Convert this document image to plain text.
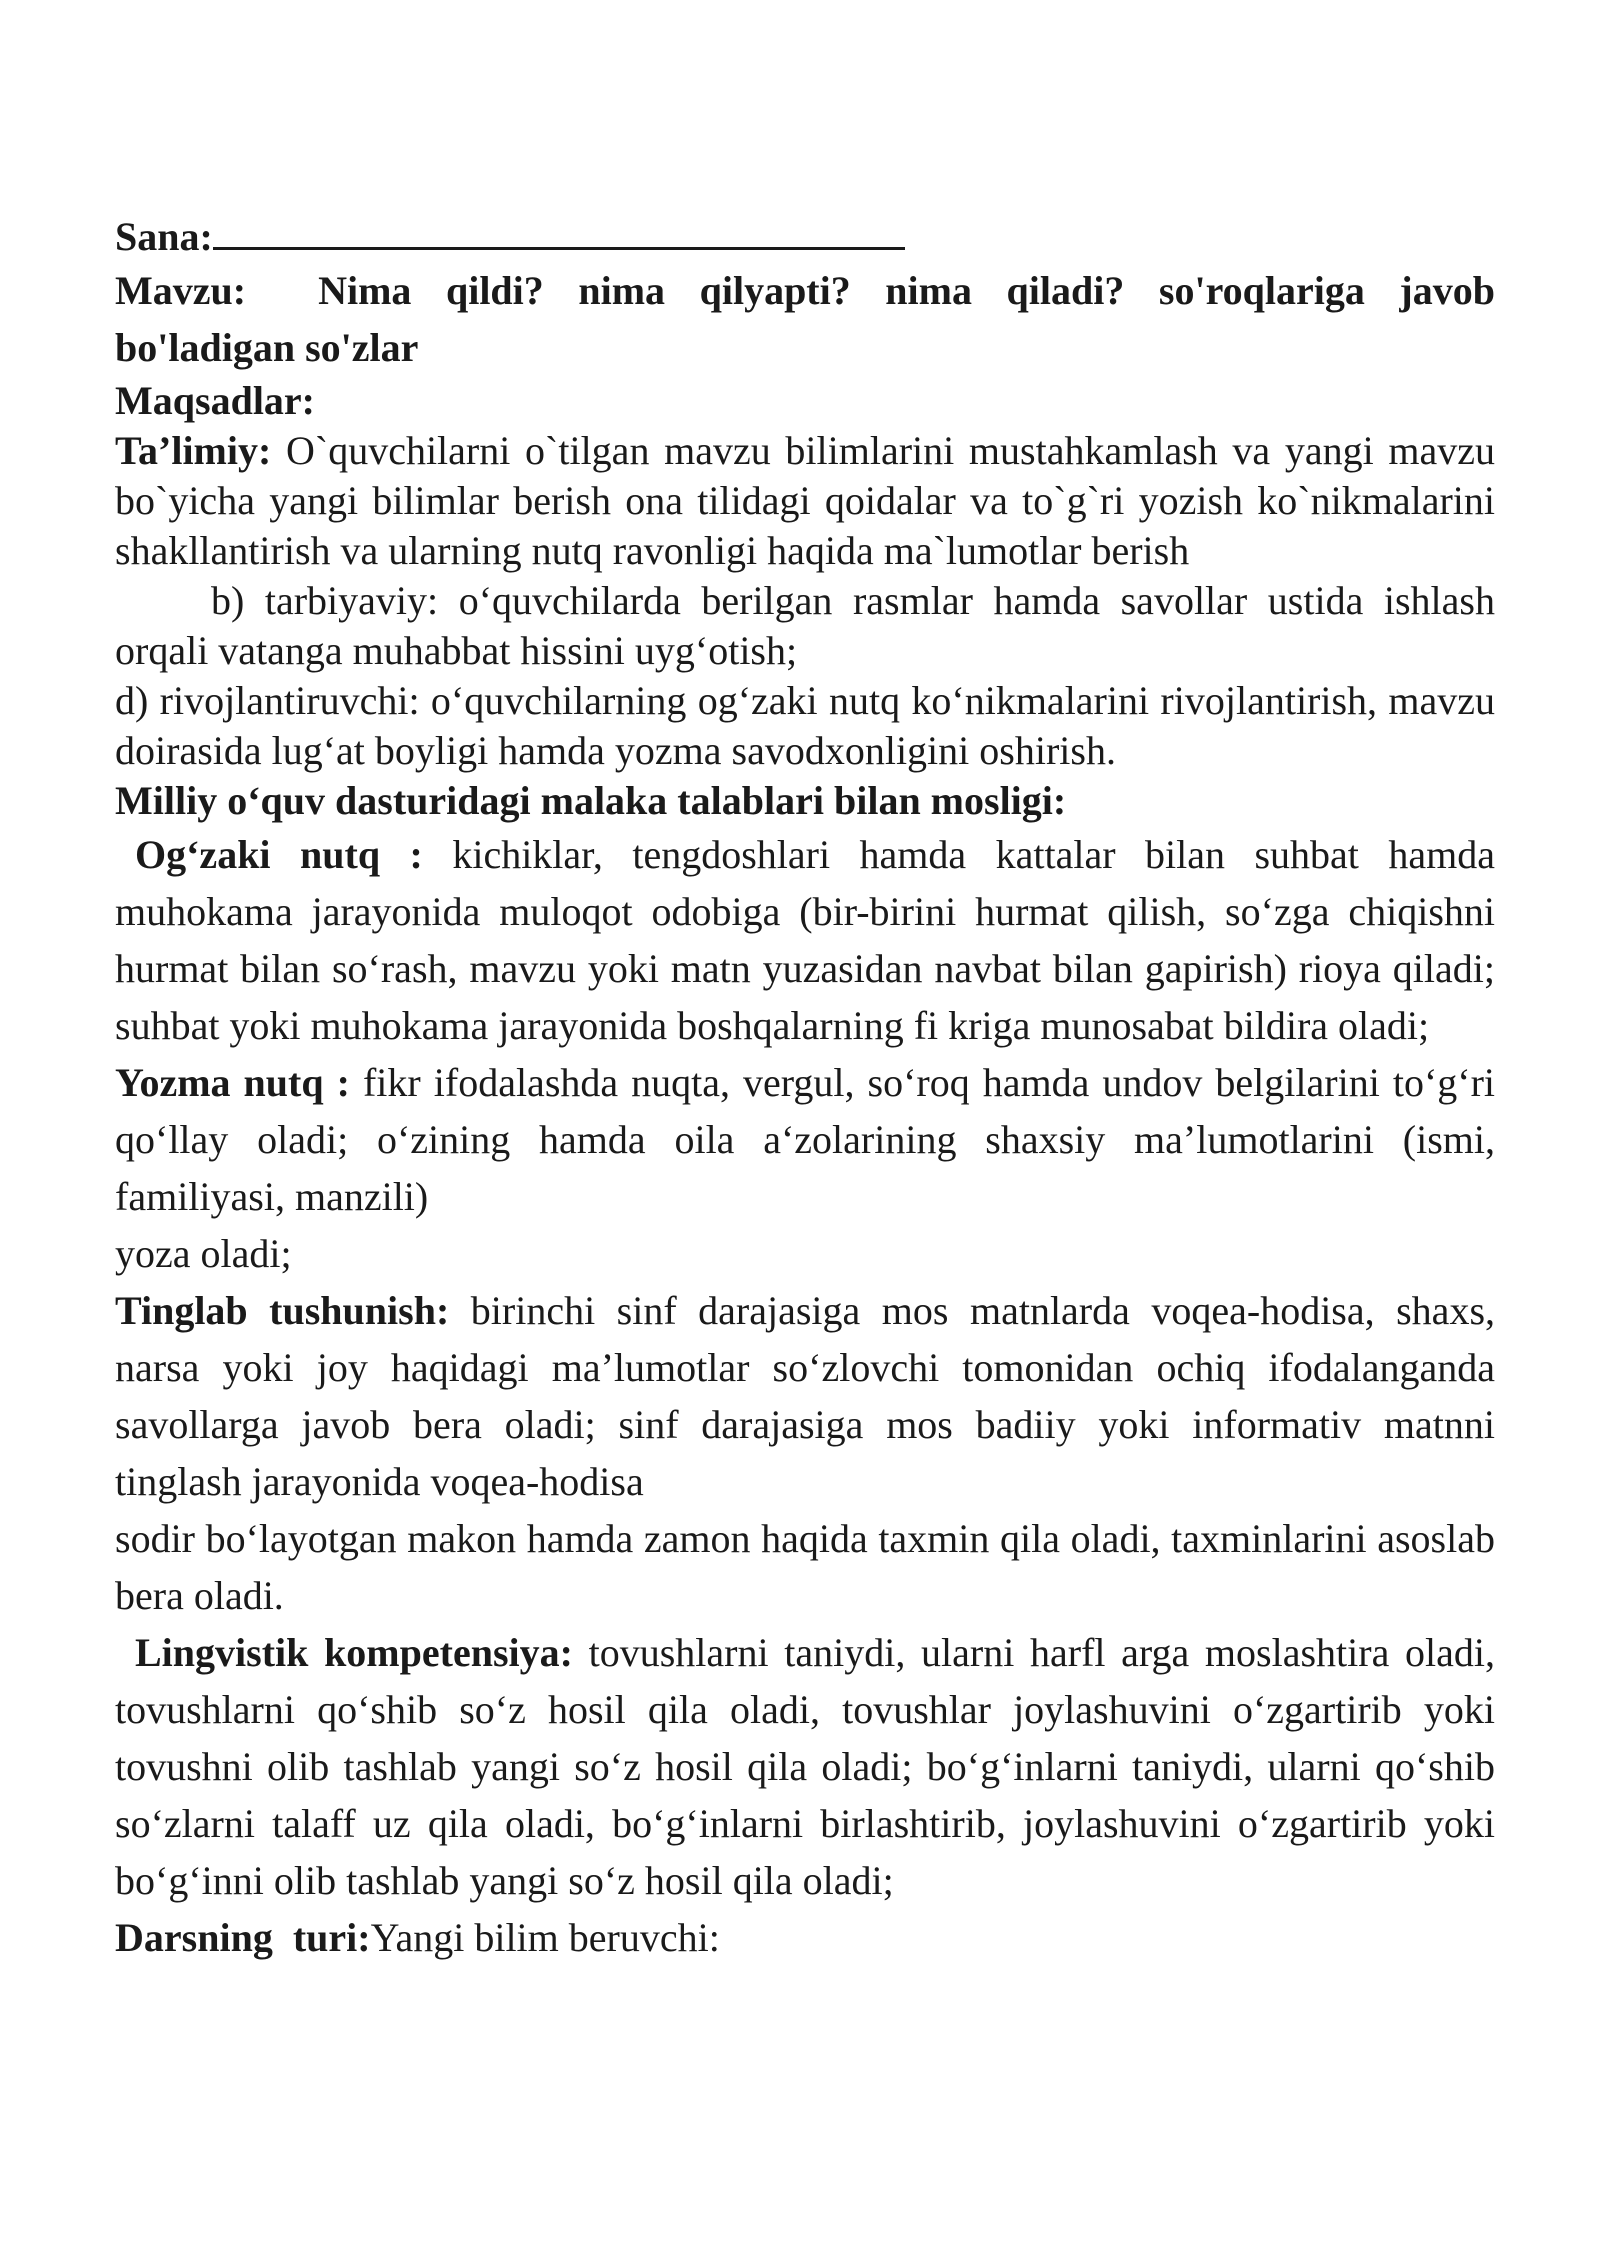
Sana:

Mavzu: Nima qildi? nima qilyapti? nima qiladi? so'roqlariga javob bo'ladigan so'zlar

Maqsadlar:

Ta’limiy: O`quvchilarni o`tilgan mavzu bilimlarini mustahkamlash va yangi mavzu bo`yicha yangi bilimlar berish ona tilidagi qoidalar va to`g`ri yozish ko`nikmalarini shakllantirish va ularning nutq ravonligi haqida ma`lumotlar berish

b) tarbiyaviy: o‘quvchilarda berilgan rasmlar hamda savollar ustida ishlash orqali vatanga muhabbat hissini uyg‘otish;

d) rivojlantiruvchi: o‘quvchilarning og‘zaki nutq ko‘nikmalarini rivojlantirish, mavzu doirasida lug‘at boyligi hamda yozma savodxonligini oshirish.

Milliy o‘quv dasturidagi malaka talablari bilan mosligi:

Og‘zaki nutq : kichiklar, tengdoshlari hamda kattalar bilan suhbat hamda muhokama jarayonida muloqot odobiga (bir-birini hurmat qilish, so‘zga chiqishni hurmat bilan so‘rash, mavzu yoki matn yuzasidan navbat bilan gapirish) rioya qiladi; suhbat yoki muhokama jarayonida boshqalarning fi kriga munosabat bildira oladi;

Yozma nutq : fikr ifodalashda nuqta, vergul, so‘roq hamda undov belgilarini to‘g‘ri qo‘llay oladi; o‘zining hamda oila a‘zolarining shaxsiy ma’lumotlarini (ismi, familiyasi, manzili)

yoza oladi;

Tinglab tushunish: birinchi sinf darajasiga mos matnlarda voqea-hodisa, shaxs, narsa yoki joy haqidagi ma’lumotlar so‘zlovchi tomonidan ochiq ifodalanganda savollarga javob bera oladi; sinf darajasiga mos badiiy yoki informativ matnni tinglash jarayonida voqea-hodisa

sodir bo‘layotgan makon hamda zamon haqida taxmin qila oladi, taxminlarini asoslab bera oladi.

Lingvistik kompetensiya: tovushlarni taniydi, ularni harfl arga moslashtira oladi, tovushlarni qo‘shib so‘z hosil qila oladi, tovushlar joylashuvini o‘zgartirib yoki tovushni olib tashlab yangi so‘z hosil qila oladi; bo‘g‘inlarni taniydi, ularni qo‘shib so‘zlarni talaff uz qila oladi, bo‘g‘inlarni birlashtirib, joylashuvini o‘zgartirib yoki bo‘g‘inni olib tashlab yangi so‘z hosil qila oladi;

Darsning  turi:Yangi bilim beruvchi:
